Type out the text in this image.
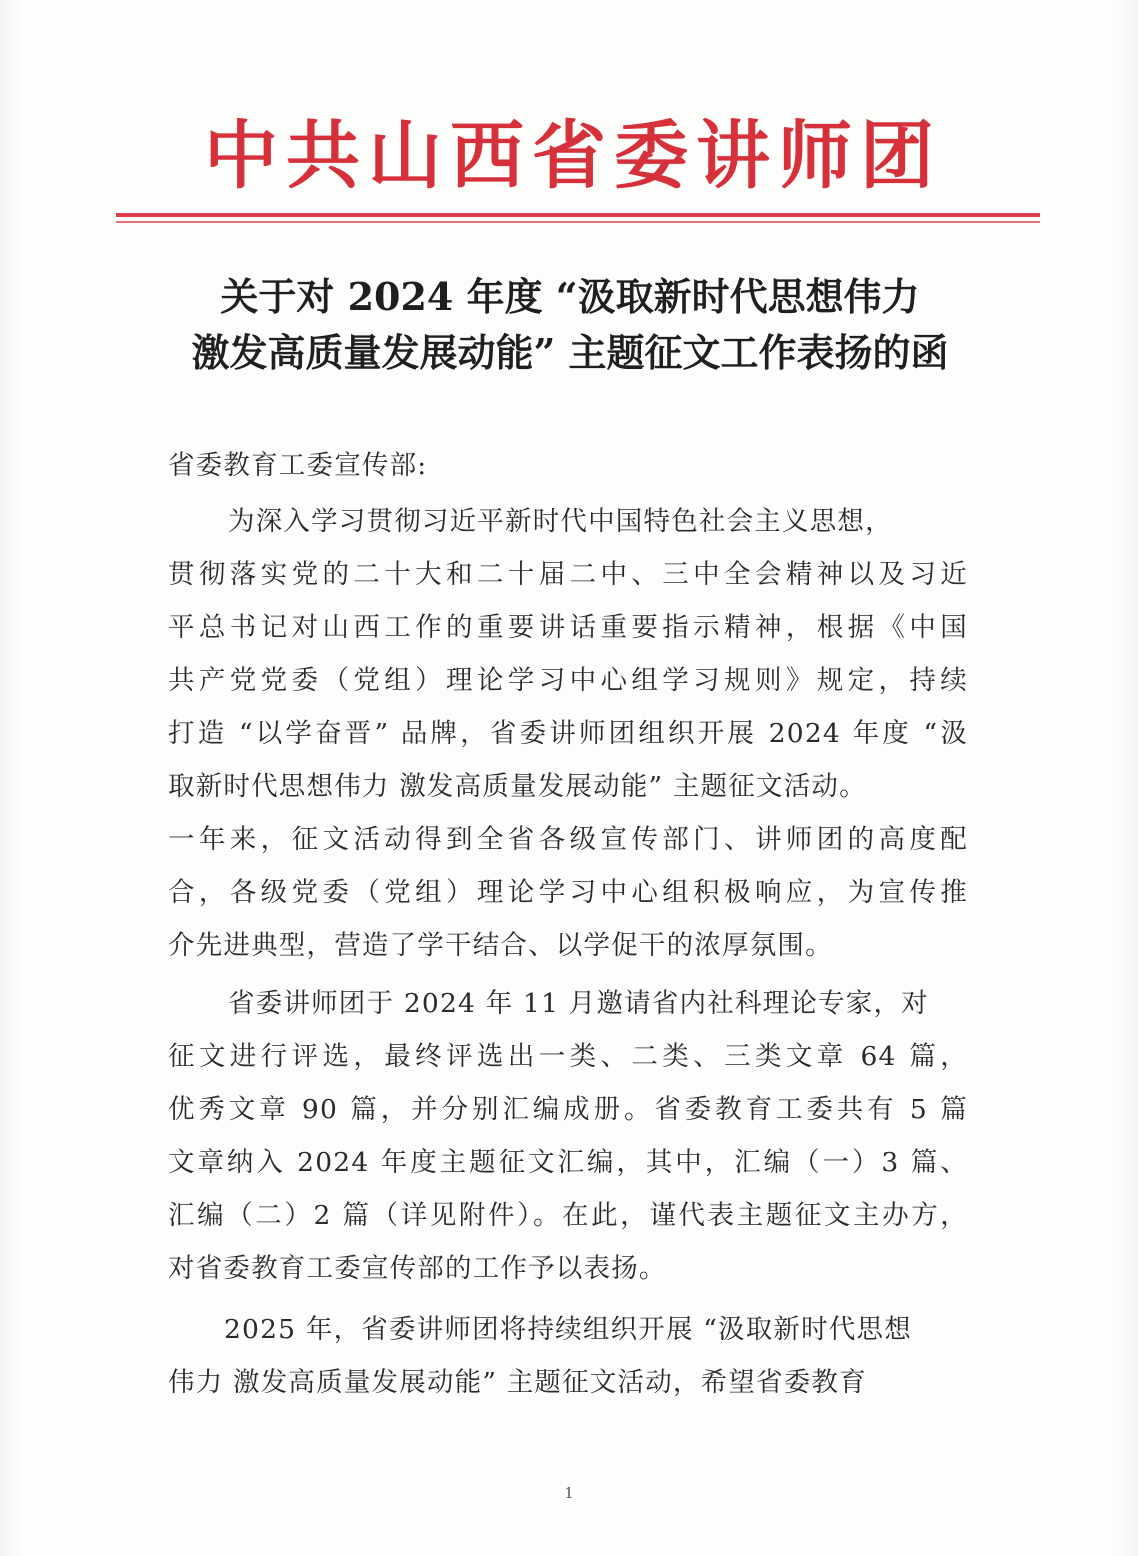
中共山西省委讲师团
关于对 2024 年度 “汲取新时代思想伟力
激发高质量发展动能” 主题征文工作表扬的函
省委教育工委宣传部:
为深入学习贯彻习近平新时代中国特色社会主义思想，
贯彻落实党的二十大和二十届二中、三中全会精神以及习近
平总书记对山西工作的重要讲话重要指示精神，根据《中国
共产党党委（党组）理论学习中心组学习规则》规定，持续
打造 “以学奋晋” 品牌，省委讲师团组织开展 2024 年度 “汲
取新时代思想伟力 激发高质量发展动能” 主题征文活动。
一年来，征文活动得到全省各级宣传部门、讲师团的高度配
合，各级党委（党组）理论学习中心组积极响应，为宣传推
介先进典型，营造了学干结合、以学促干的浓厚氛围。
省委讲师团于 2024 年 11 月邀请省内社科理论专家，对
征文进行评选，最终评选出一类、二类、三类文章 64 篇，
优秀文章 90 篇，并分别汇编成册。省委教育工委共有 5 篇
文章纳入 2024 年度主题征文汇编，其中，汇编（一）3 篇、
汇编（二）2 篇（详见附件）。在此，谨代表主题征文主办方，
对省委教育工委宣传部的工作予以表扬。
2025 年，省委讲师团将持续组织开展 “汲取新时代思想
伟力 激发高质量发展动能” 主题征文活动，希望省委教育
1
